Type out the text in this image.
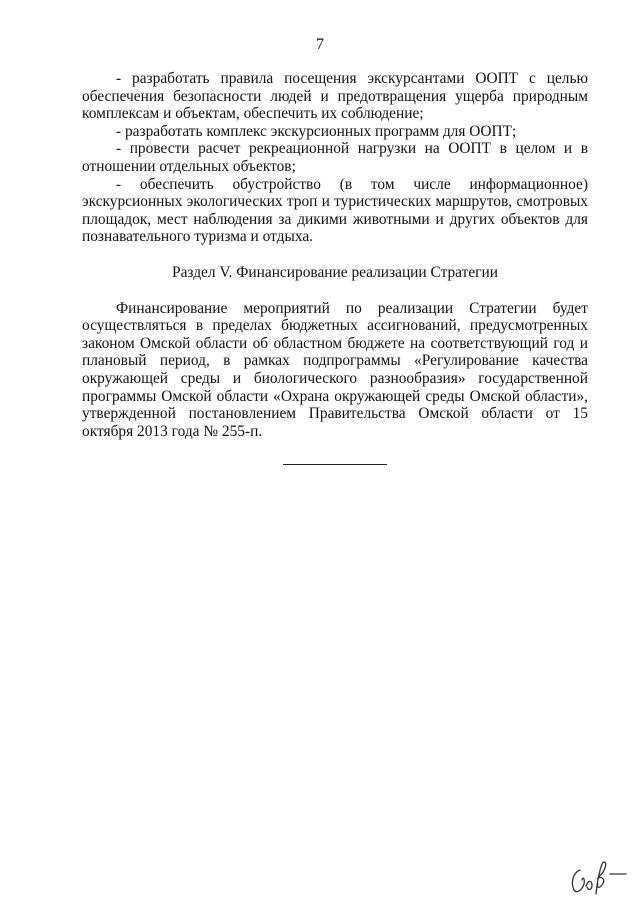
7

- разработать правила посещения экскурсантами ООПТ с целью обеспечения безопасности людей и предотвращения ущерба природным комплексам и объектам, обеспечить их соблюдение;

- разработать комплекс экскурсионных программ для ООПТ;

- провести расчет рекреационной нагрузки на ООПТ в целом и в отношении отдельных объектов;

- обеспечить обустройство (в том числе информационное) экскурсионных экологических троп и туристических маршрутов, смотровых площадок, мест наблюдения за дикими животными и других объектов для познавательного туризма и отдыха.

Раздел V. Финансирование реализации Стратегии

Финансирование мероприятий по реализации Стратегии будет осуществляться в пределах бюджетных ассигнований, предусмотренных законом Омской области об областном бюджете на соответствующий год и плановый период, в рамках подпрограммы «Регулирование качества окружающей среды и биологического разнообразия» государственной программы Омской области «Охрана окружающей среды Омской области», утвержденной постановлением Правительства Омской области от 15 октября 2013 года № 255-п.
